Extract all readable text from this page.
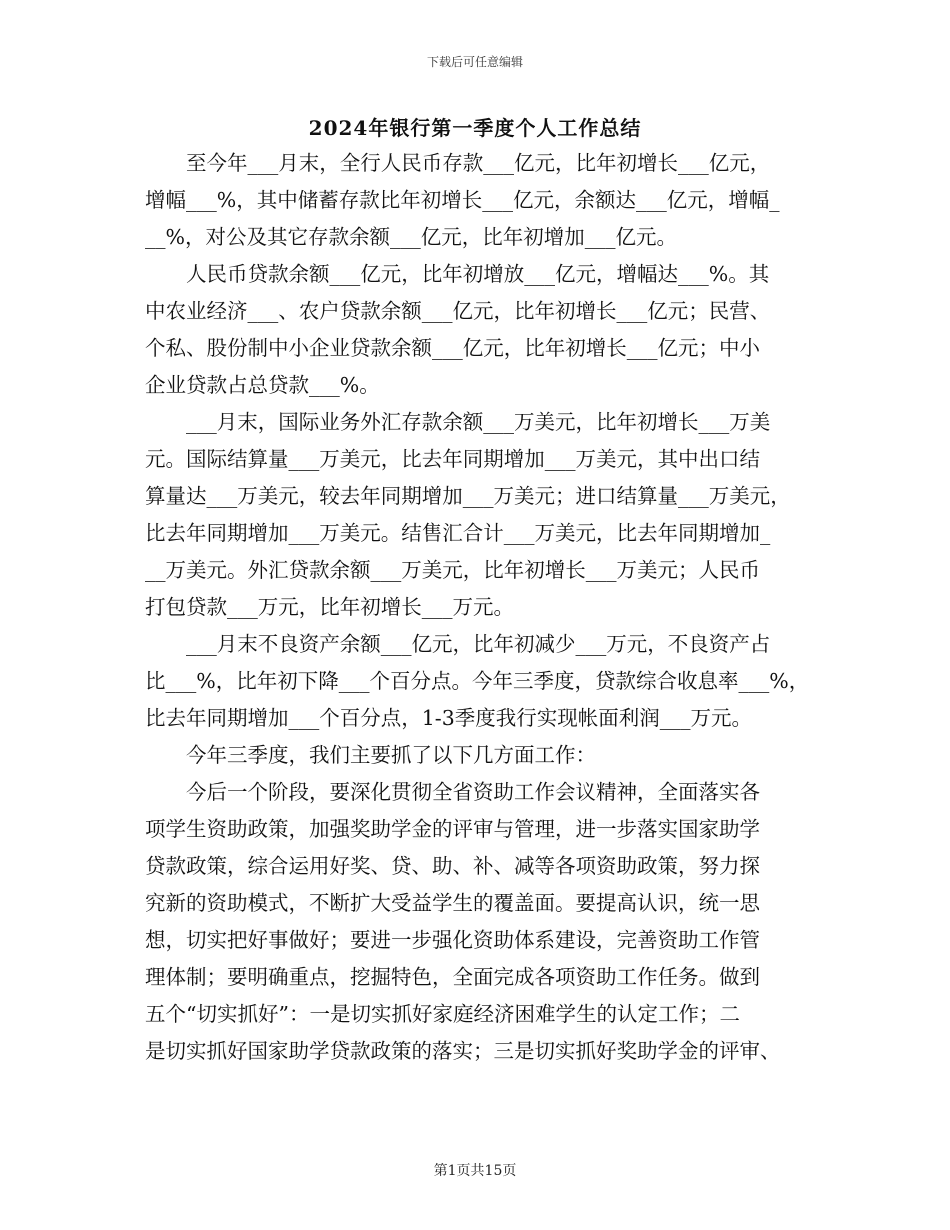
下载后可任意编辑
2024年银行第一季度个人工作总结
至今年___月末，全行人民币存款___亿元，比年初增长___亿元，
增幅___%，其中储蓄存款比年初增长___亿元，余额达___亿元，增幅_
__%，对公及其它存款余额___亿元，比年初增加___亿元。
人民币贷款余额___亿元，比年初增放___亿元，增幅达___%。其
中农业经济___、农户贷款余额___亿元，比年初增长___亿元；民营、
个私、股份制中小企业贷款余额___亿元，比年初增长___亿元；中小
企业贷款占总贷款___%。
___月末，国际业务外汇存款余额___万美元，比年初增长___万美
元。国际结算量___万美元，比去年同期增加___万美元，其中出口结
算量达___万美元，较去年同期增加___万美元；进口结算量___万美元，
比去年同期增加___万美元。结售汇合计___万美元，比去年同期增加_
__万美元。外汇贷款余额___万美元，比年初增长___万美元；人民币
打包贷款___万元，比年初增长___万元。
___月末不良资产余额___亿元，比年初减少___万元，不良资产占
比___%，比年初下降___个百分点。今年三季度，贷款综合收息率___%，
比去年同期增加___个百分点，1-3季度我行实现帐面利润___万元。
今年三季度，我们主要抓了以下几方面工作：
今后一个阶段，要深化贯彻全省资助工作会议精神，全面落实各
项学生资助政策，加强奖助学金的评审与管理，进一步落实国家助学
贷款政策，综合运用好奖、贷、助、补、减等各项资助政策，努力探
究新的资助模式，不断扩大受益学生的覆盖面。要提高认识，统一思
想，切实把好事做好；要进一步强化资助体系建设，完善资助工作管
理体制；要明确重点，挖掘特色，全面完成各项资助工作任务。做到
五个“切实抓好”：一是切实抓好家庭经济困难学生的认定工作；二
是切实抓好国家助学贷款政策的落实；三是切实抓好奖助学金的评审、
第1页共15页
